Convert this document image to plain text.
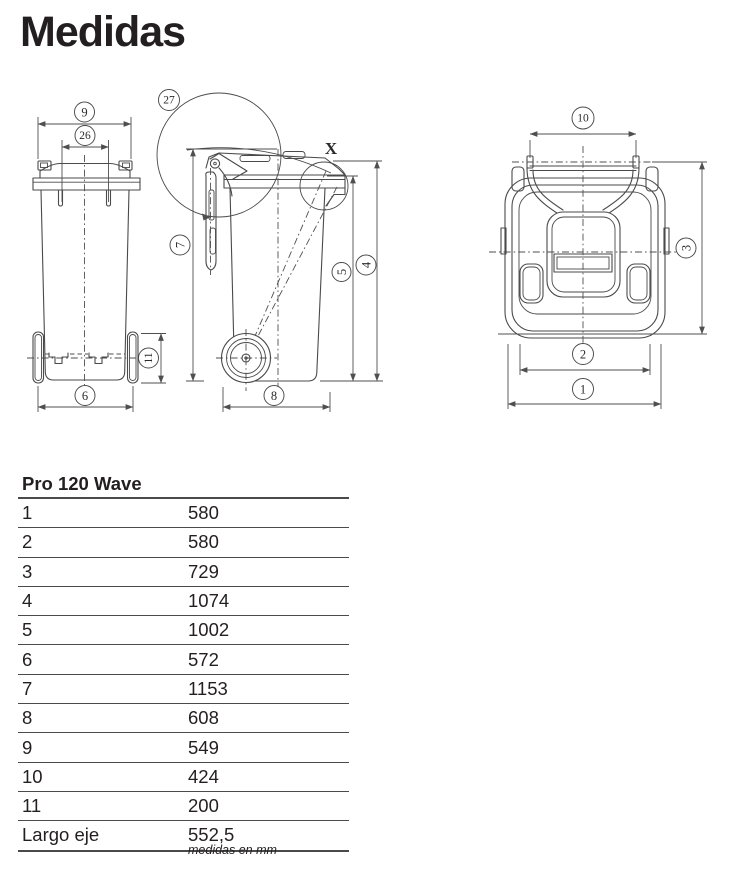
Medidas
9
26
6
11
27
X
7
5
4
8
10
3
2
1
Pro 120 Wave
1	580
2	580
3	729
4	1074
5	1002
6	572
7	1153
8	608
9	549
10	424
11	200
Largo eje	552,5
medidas en mm
